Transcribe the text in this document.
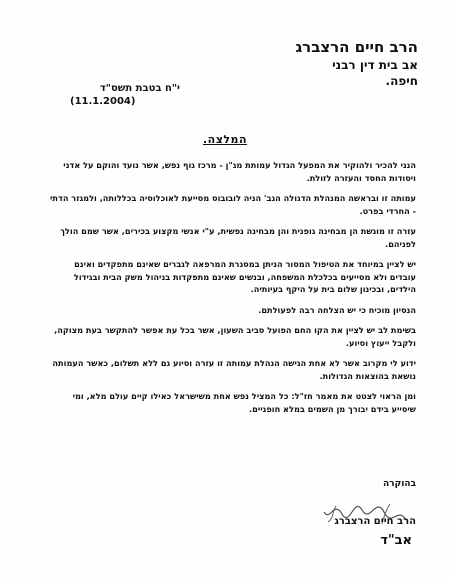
הרב חיים הרצברג
אב בית דין רבני
חיפה.
י"ח בטבת תשס"ד
(11.1.2004)
המלצה.

הנני להכיר ולהוקיר את המפעל הגדול עמותת מג"ן - מרכז גוף נפש, אשר נועד והוקם על אדני ויסודות החסד והעזרה לזולת.

עמותה זו ובראשה המנהלת הדגולה הגב' הניה לובובוס מסייעת לאוכלוסיה בכללותה, ולמגזר הדתי - החרדי בפרט.

עזרה זו מוגשת הן מבחינה גופנית והן מבחינה נפשית, ע"י אנשי מקצוע בכירים, אשר שמם הולך לפניהם.

יש לציין במיוחד את הטיפול המסור הניתן במסגרת המרפאה לגברים שאינם מתפקדים ואינם עובדים ולא מסייעים בכלכלת המשפחה, ובנשים שאינם מתפקדות בניהול משק הבית ובגידול הילדים, ובכינון שלום בית על היקף בעיותיה.

הנסיון מוכיח כי יש הצלחה רבה לפעולתם.

בשימת לב יש לציין את הקו החם הפועל סביב השעון, אשר בכל עת אפשר להתקשר בעת מצוקה, ולקבל ייעוץ וסיוע.

ידוע לי מקרוב אשר לא אחת הגישה הנהלת עמותה זו עזרה וסיוע גם ללא תשלום, כאשר העמותה נושאת בהוצאות הגדולות.

ומן הראוי לצטט את מאמר חז"ל: כל המציל נפש אחת משישראל כאילו קיים עולם מלא, ומי שיסייע בידם יבורך מן השמים במלא חופניים.

בהוקרה
הרב חיים הרצברג
אב"ד
